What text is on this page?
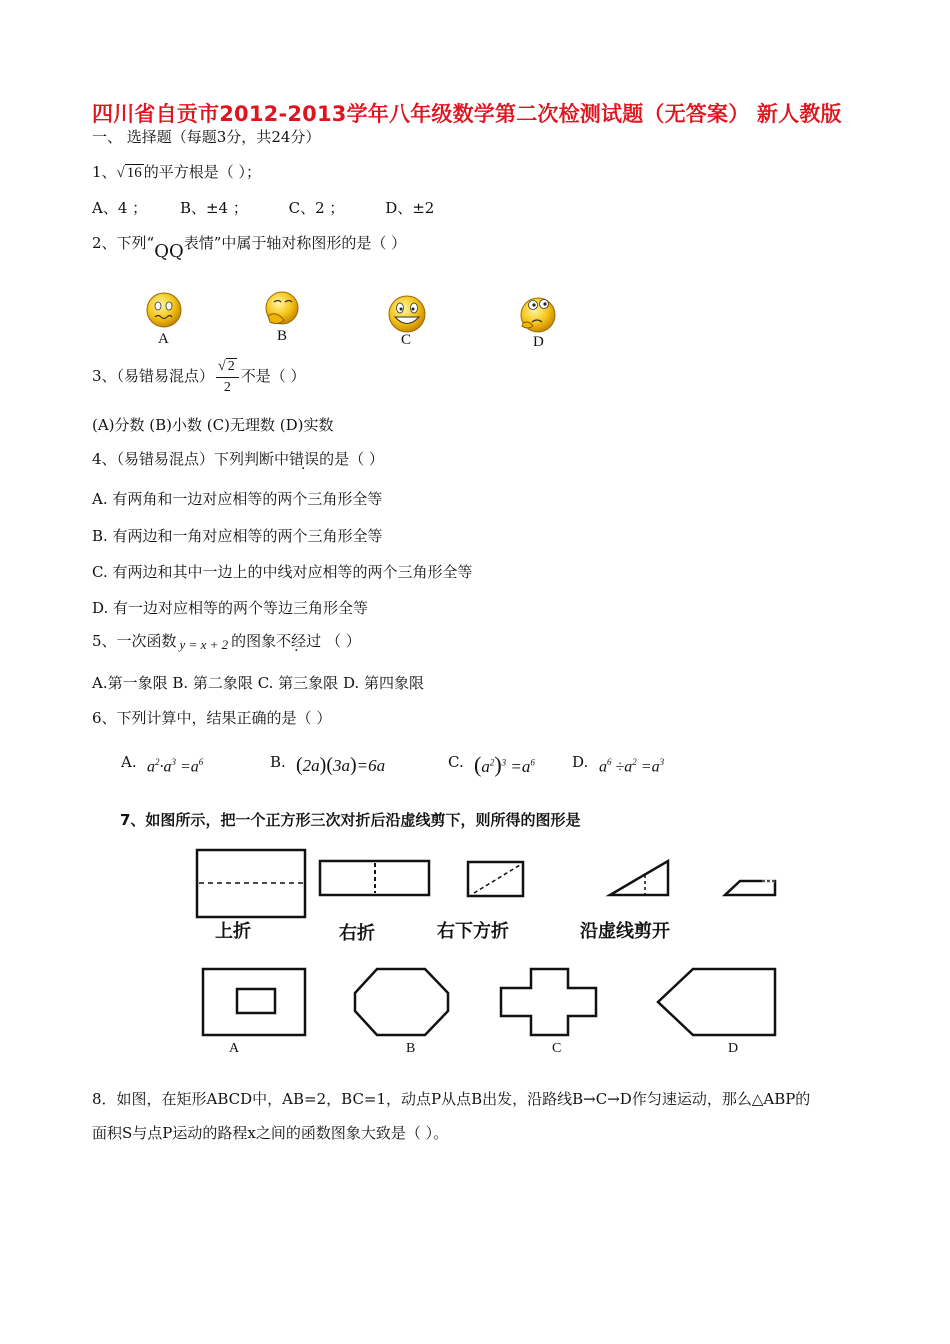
四川省自贡市2012-2013学年八年级数学第二次检测试题（无答案） 新人教版
一、 选择题（每题3分，共24分）
1、√ 16 的平方根是（ ）；
A、4 ； B、±4 ；	C、2 ；	D、±2
2、下列“QQ表情”中属于轴对称图形的是（ ）
A	B	C	D
3、（易错易混点） $\frac{√ 2}{2}$ 不是（ ）
(A)分数 (B)小数 (C)无理数 (D)实数
4、（易错易混点）下列判断中错误的是（ ）
A. 有两角和一边对应相等的两个三角形全等
B. 有两边和一角对应相等的两个三角形全等
C. 有两边和其中一边上的中线对应相等的两个三角形全等
D. 有一边对应相等的两个等边三角形全等
5、一次函数 y = x + 2 的图象不经过 （ ）
A.第一象限 B. 第二象限 C. 第三象限 D. 第四象限
6、下列计算中，结果正确的是（ ）
A. $a^2\cdot a^3 =a^6$	B. (2a)(3a)=6a	C. $(a^2)^3 =a^6$ D. $a^6 \div a^2 =a^3$
7、如图所示，把一个正方形三次对折后沿虚线剪下，则所得的图形是
上折	右折	右下方折	沿虚线剪开
A	B	C	D
8．如图，在矩形ABCD中，AB=2，BC=1，动点P从点B出发，沿路线B→C→D作匀速运动，那么△ABP的
面积S与点P运动的路程x之间的函数图象大致是（ ）。
